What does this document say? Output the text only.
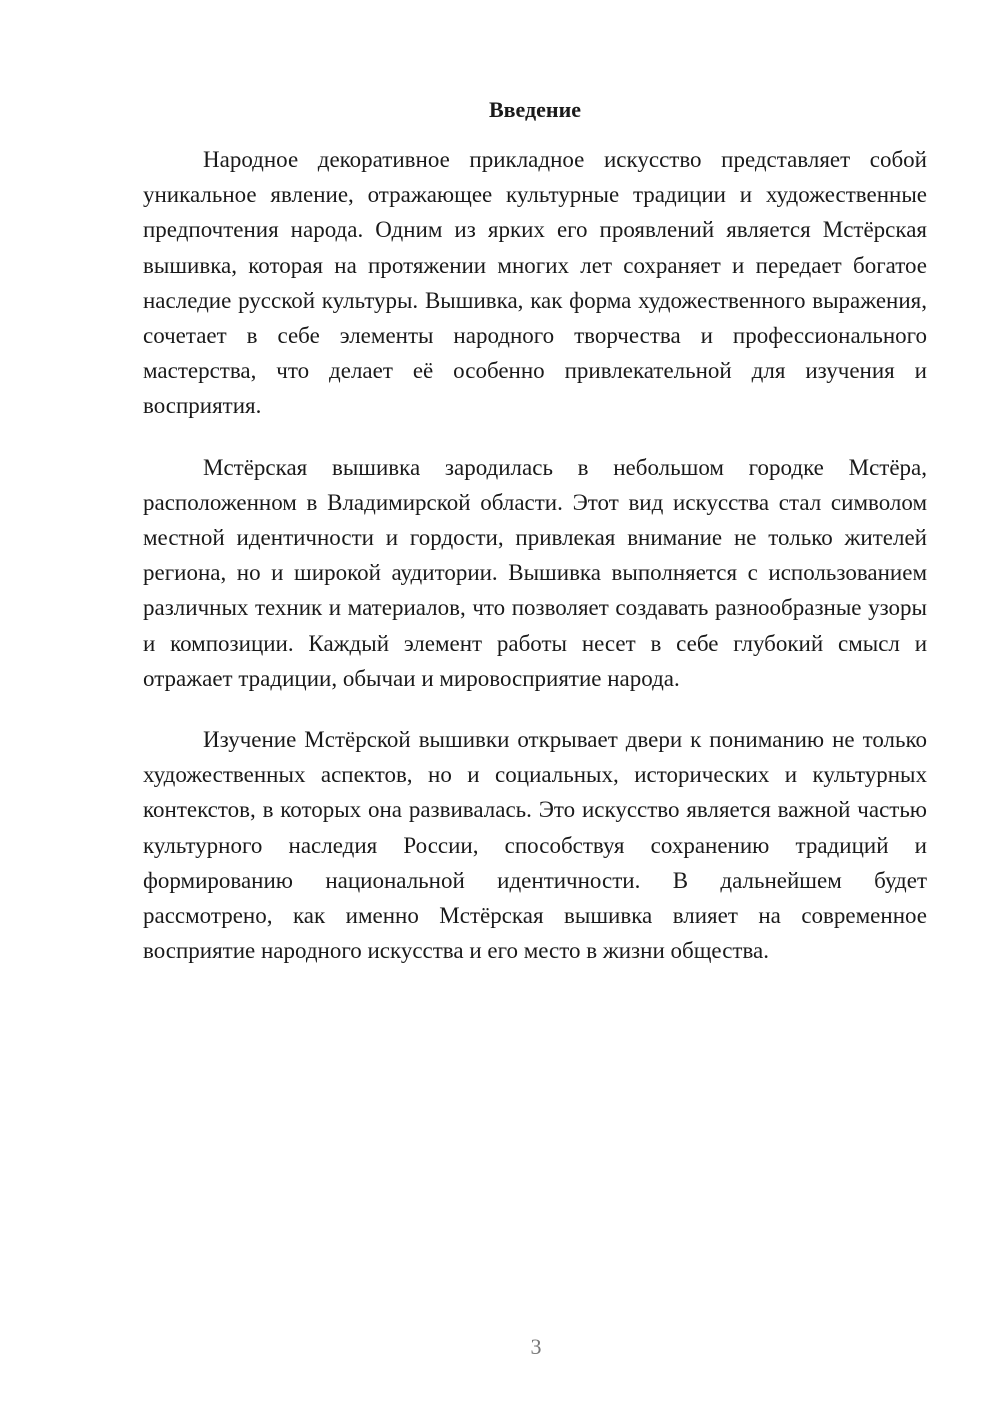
Введение

Народное декоративное прикладное искусство представляет собой уникальное явление, отражающее культурные традиции и художественные предпочтения народа. Одним из ярких его проявлений является Мстёрская вышивка, которая на протяжении многих лет сохраняет и передает богатое наследие русской культуры. Вышивка, как форма художественного выражения, сочетает в себе элементы народного творчества и профессионального мастерства, что делает её особенно привлекательной для изучения и восприятия.

Мстёрская вышивка зародилась в небольшом городке Мстёра, расположенном в Владимирской области. Этот вид искусства стал символом местной идентичности и гордости, привлекая внимание не только жителей региона, но и широкой аудитории. Вышивка выполняется с использованием различных техник и материалов, что позволяет создавать разнообразные узоры и композиции. Каждый элемент работы несет в себе глубокий смысл и отражает традиции, обычаи и мировосприятие народа.

Изучение Мстёрской вышивки открывает двери к пониманию не только художественных аспектов, но и социальных, исторических и культурных контекстов, в которых она развивалась. Это искусство является важной частью культурного наследия России, способствуя сохранению традиций и формированию национальной идентичности. В дальнейшем будет рассмотрено, как именно Мстёрская вышивка влияет на современное восприятие народного искусства и его место в жизни общества.

3
